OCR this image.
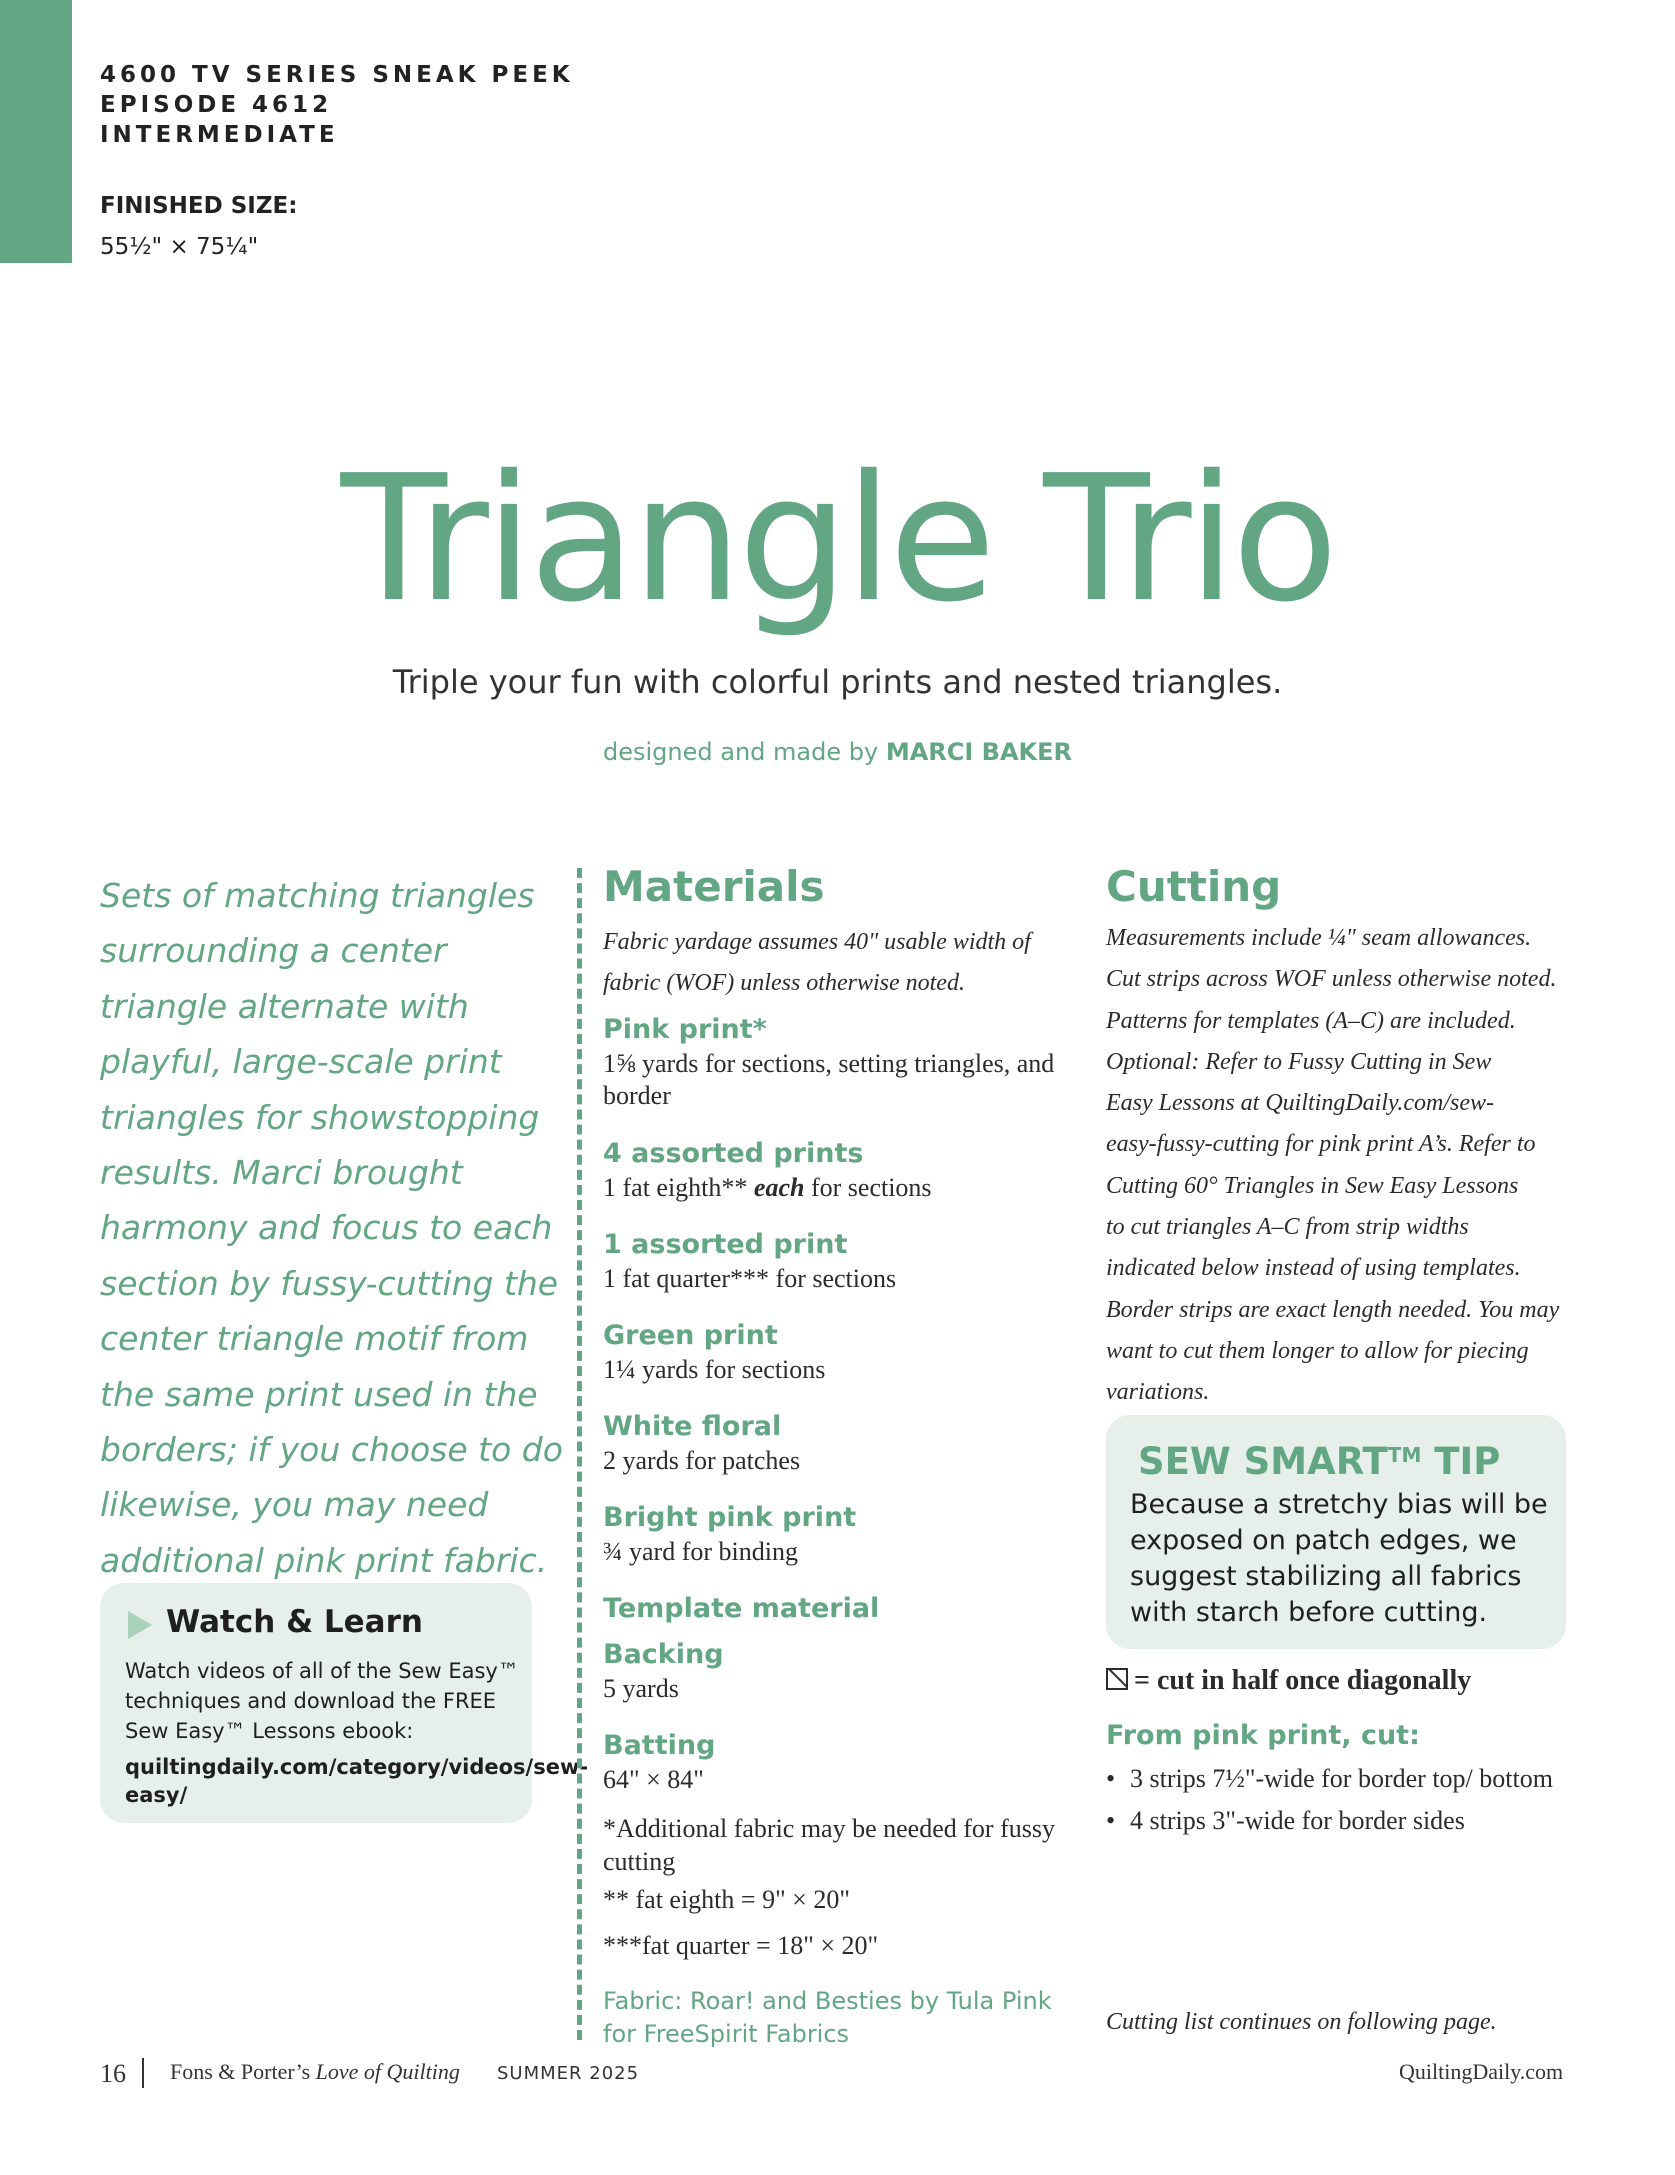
4600 TV SERIES SNEAK PEEK
EPISODE 4612
INTERMEDIATE
FINISHED SIZE:
55½" × 75¼"
Triangle Trio
Triple your fun with colorful prints and nested triangles.
designed and made by MARCI BAKER
Sets of matching triangles surrounding a center triangle alternate with playful, large-scale print triangles for showstopping results. Marci brought harmony and focus to each section by fussy-cutting the center triangle motif from the same print used in the borders; if you choose to do likewise, you may need additional pink print fabric.
Watch & Learn
Watch videos of all of the Sew Easy™ techniques and download the FREE Sew Easy™ Lessons ebook:
quiltingdaily.com/category/videos/sew-easy/
Materials
Fabric yardage assumes 40" usable width of fabric (WOF) unless otherwise noted.
Pink print*
1⅝ yards for sections, setting triangles, and border
4 assorted prints
1 fat eighth** each for sections
1 assorted print
1 fat quarter*** for sections
Green print
1¼ yards for sections
White floral
2 yards for patches
Bright pink print
¾ yard for binding
Template material
Backing
5 yards
Batting
64" × 84"
*Additional fabric may be needed for fussy cutting
** fat eighth = 9" × 20"
***fat quarter = 18" × 20"
Fabric: Roar! and Besties by Tula Pink for FreeSpirit Fabrics
Cutting
Measurements include ¼" seam allowances.
Cut strips across WOF unless otherwise noted.
Patterns for templates (A–C) are included.
Optional: Refer to Fussy Cutting in Sew
Easy Lessons at QuiltingDaily.com/sew-
easy-fussy-cutting for pink print A’s. Refer to
Cutting 60° Triangles in Sew Easy Lessons
to cut triangles A–C from strip widths
indicated below instead of using templates.
Border strips are exact length needed. You may
want to cut them longer to allow for piecing
variations.
SEW SMART™ TIP
Because a stretchy bias will be exposed on patch edges, we suggest stabilizing all fabrics with starch before cutting.
= cut in half once diagonally
From pink print, cut:
• 3 strips 7½"-wide for border top/ bottom
• 4 strips 3"-wide for border sides
Cutting list continues on following page.
16 Fons & Porter’s Love of Quilting SUMMER 2025	QuiltingDaily.com
